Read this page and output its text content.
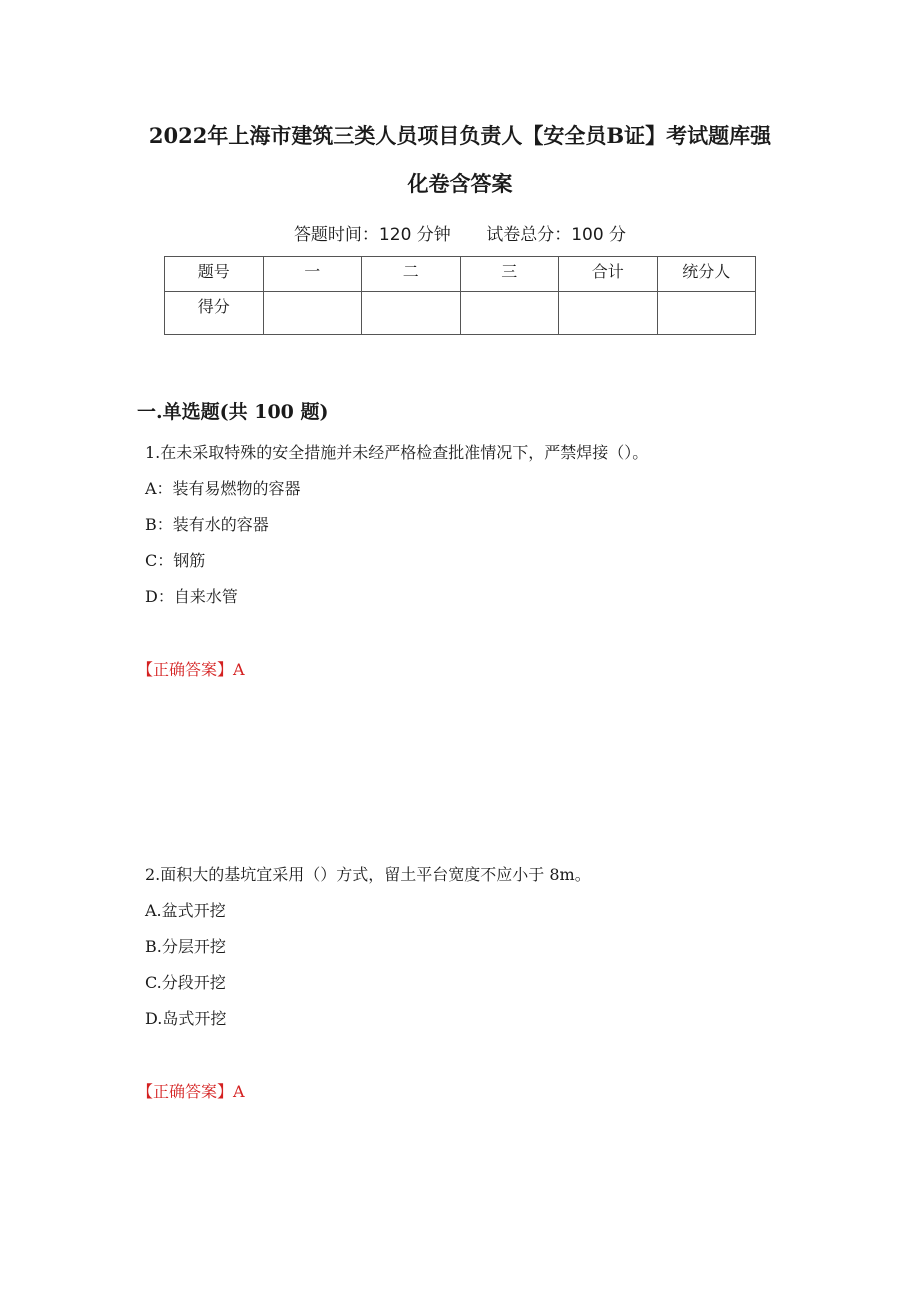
2022年上海市建筑三类人员项目负责人【安全员B证】考试题库强
化卷含答案
答题时间：120 分钟 试卷总分：100 分
题号	一	二	三	合计	统分人
得分					
一.单选题(共 100 题)
1.在未采取特殊的安全措施并未经严格检查批准情况下，严禁焊接（）。
A：装有易燃物的容器
B：装有水的容器
C：钢筋
D：自来水管
【正确答案】A
2.面积大的基坑宜采用（）方式，留土平台宽度不应小于 8m。
A.盆式开挖
B.分层开挖
C.分段开挖
D.岛式开挖
【正确答案】A
